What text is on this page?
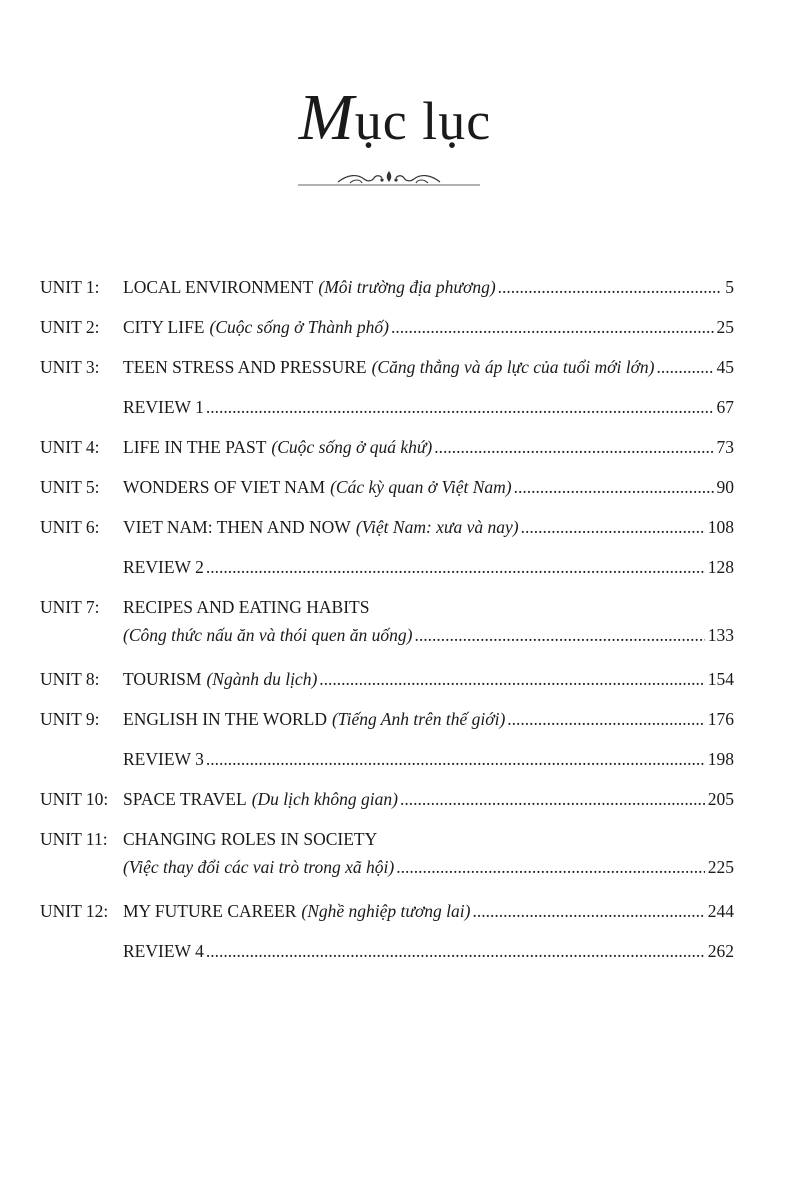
Mục lục
UNIT 1: LOCAL ENVIRONMENT (Môi trường địa phương) .....	5
UNIT 2: CITY LIFE (Cuộc sống ở Thành phố) .....	25
UNIT 3: TEEN STRESS AND PRESSURE (Căng thẳng và áp lực của tuổi mới lớn) .....	45
REVIEW 1 .....	67
UNIT 4: LIFE IN THE PAST (Cuộc sống ở quá khứ) .....	73
UNIT 5: WONDERS OF VIET NAM (Các kỳ quan ở Việt Nam) .....	90
UNIT 6: VIET NAM: THEN AND NOW (Việt Nam: xưa và nay) .....	108
REVIEW 2 .....	128
UNIT 7: RECIPES AND EATING HABITS
(Công thức nấu ăn và thói quen ăn uống) .....	133
UNIT 8: TOURISM (Ngành du lịch) .....	154
UNIT 9: ENGLISH IN THE WORLD (Tiếng Anh trên thế giới) .....	176
REVIEW 3 .....	198
UNIT 10: SPACE TRAVEL (Du lịch không gian) .....	205
UNIT 11: CHANGING ROLES IN SOCIETY
(Việc thay đổi các vai trò trong xã hội) .....	225
UNIT 12: MY FUTURE CAREER (Nghề nghiệp tương lai) .....	244
REVIEW 4 .....	262
